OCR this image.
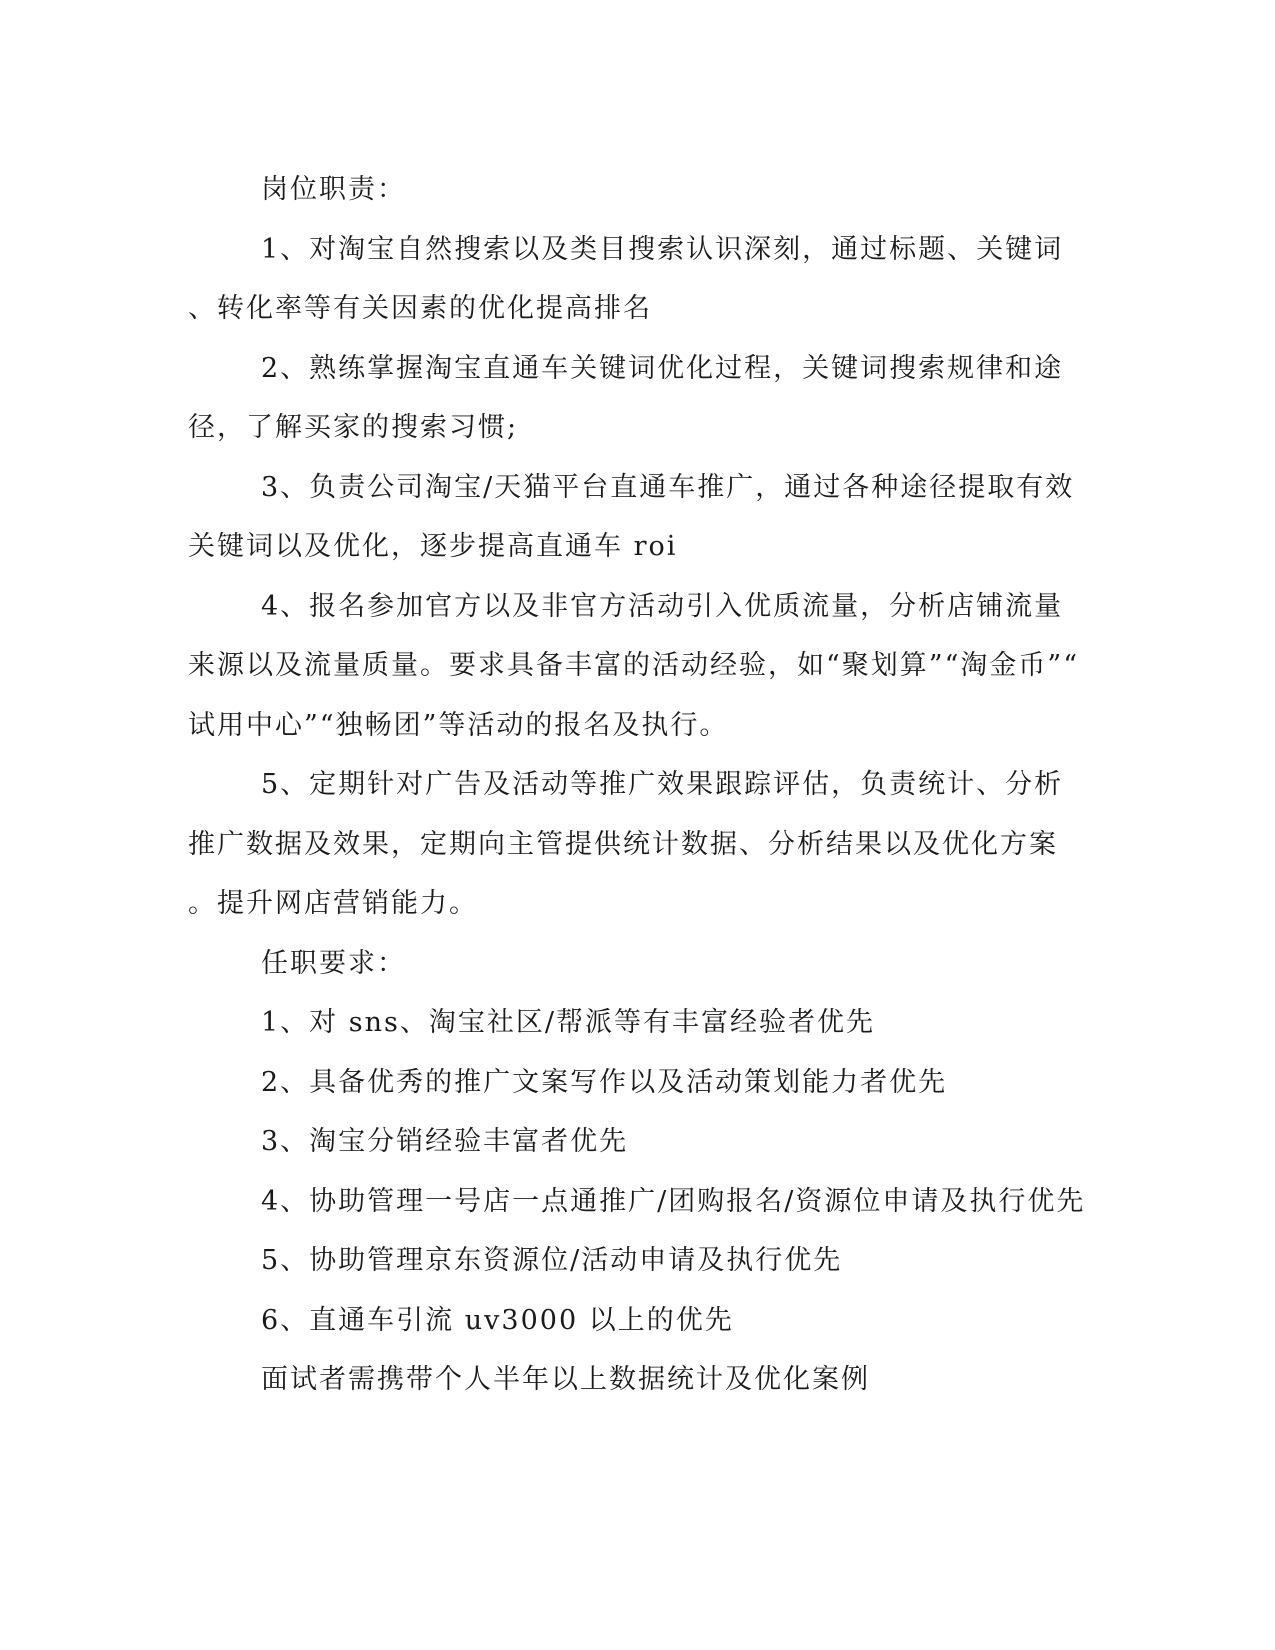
岗位职责：

1、对淘宝自然搜索以及类目搜索认识深刻，通过标题、关键词

、转化率等有关因素的优化提高排名

2、熟练掌握淘宝直通车关键词优化过程，关键词搜索规律和途

径，了解买家的搜索习惯;

3、负责公司淘宝/天猫平台直通车推广，通过各种途径提取有效

关键词以及优化，逐步提高直通车 roi

4、报名参加官方以及非官方活动引入优质流量，分析店铺流量

来源以及流量质量。要求具备丰富的活动经验，如“聚划算”“淘金币”“

试用中心”“独畅团”等活动的报名及执行。

5、定期针对广告及活动等推广效果跟踪评估，负责统计、分析

推广数据及效果，定期向主管提供统计数据、分析结果以及优化方案

。提升网店营销能力。

任职要求：

1、对 sns、淘宝社区/帮派等有丰富经验者优先

2、具备优秀的推广文案写作以及活动策划能力者优先

3、淘宝分销经验丰富者优先

4、协助管理一号店一点通推广/团购报名/资源位申请及执行优先

5、协助管理京东资源位/活动申请及执行优先

6、直通车引流 uv3000 以上的优先

面试者需携带个人半年以上数据统计及优化案例
